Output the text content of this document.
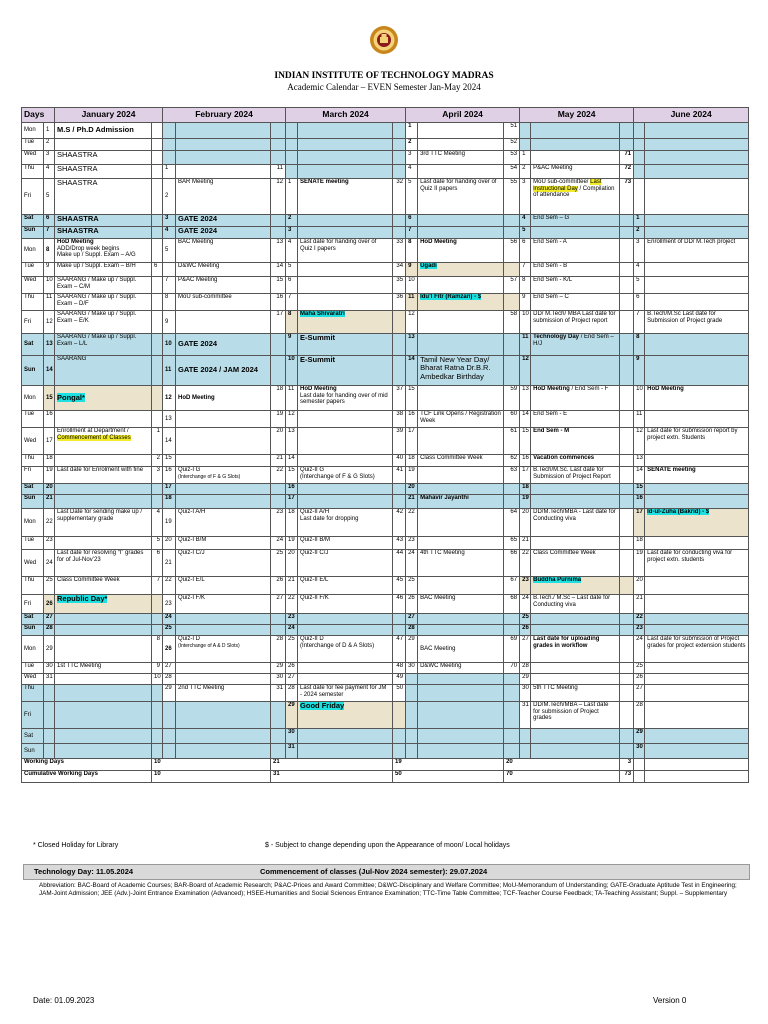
INDIAN INSTITUTE OF TECHNOLOGY MADRAS
Academic Calendar – EVEN Semester Jan-May 2024
Days		January 2024		February 2024			March 2024			April 2024			May 2024			June 2024	
Mon	1	M.S / Ph.D Admission								1		51					
Tue	2									2		52					
Wed	3	SHAASTRA								3	3rd TTC Meeting	53	1		71		
Thu	4	SHAASTRA		1		11				4		54	2	P&AC Meeting	72		
Fri	5	SHAASTRA		2	BAR Meeting	12	1	SENATE meeting	32	5	Last date for handing over of Quiz II papers	55	3	MoU sub-committee/ Last Instructional Day / Compilation of attendance	73		
Sat	6	SHAASTRA		3	GATE 2024		2			6			4	End Sem – G		1	
Sun	7	SHAASTRA		4	GATE 2024		3			7			5			2	
Mon	8	HoD Meeting
ADD/Drop week begins
Make up / Suppl. Exam – A/G		5	BAC Meeting	13	4	Last date for handing over of Quiz I papers	33	8	HoD Meeting	56	6	End Sem - A		3	Enrollment of DD/ M.Tech project
Tue	9	Make up / Suppl. Exam – B/H	6		D&WC Meeting	14	5		34	9	Ugadi		7	End Sem - B		4	
Wed	10	SAARANG / Make up / Suppl. Exam – C/M		7	P&AC Meeting	15	6		35	10		57	8	End Sem - K/L		5	
Thu	11	SAARANG / Make up / Suppl. Exam – D/F		8	MoU sub-committee	16	7		36	11	Idu’l Fitr (Ramzan) - $		9	End Sem – C		6	
Fri	12	SAARANG / Make up / Suppl. Exam – E/K		9		17	8	Maha Shivaratri		12		58	10	DD/ M.Tech/ MBA Last date for submission of Project report		7	B.Tech/M.Sc Last date for Submission of Project grade
Sat	13	SAARANG / Make up / Suppl. Exam – L/L		10	GATE 2024		9	E-Summit		13			11	Technology Day / End Sem – H/J		8	
Sun	14	SAARANG		11	GATE 2024 / JAM 2024		10	E-Summit		14	Tamil New Year Day/ Bharat Ratna Dr.B.R. Ambedkar Birthday		12			9	
Mon	15	Pongal*		12	HoD Meeting	18	11	HoD Meeting
Last date for handing over of mid semester papers	37	15		59	13	HoD Meeting / End Sem - F		10	HoD Meeting
Tue	16			13		19	12		38	16	TCF Link Opens / Registration Week	60	14	End Sem - E		11	
Wed	17	Enrollment at Department /
Commencement of Classes	1	14		20	13		39	17		61	15	End Sem - M		12	Last date for submission report by project extn. Students
Thu	18		2	15		21	14		40	18	Class Committee Week	62	16	Vacation commences		13	
Fri	19	Last date for Enrolment with fine	3	16	Quiz-I G
(Interchange of F & G Slots)	22	15	Quiz-II G
(Interchange of F & G Slots)	41	19		63	17	B.Tech/M.Sc. Last date for Submission of Project Report		14	SENATE meeting
Sat	20			17			16			20			18			15	
Sun	21			18			17			21	Mahavir Jayanthi		19			16	
Mon	22	Last Date for sending make up / supplementary grade	4	19	Quiz-I A/H	23	18	Quiz-II A/H
Last date for dropping	42	22		64	20	DD/M.Tech/MBA - Last date for Conducting viva		17	Id-ul-Zuha (Bakrid) - $
Tue	23		5	20	Quiz-I B/M	24	19	Quiz-II B/M	43	23		65	21			18	
Wed	24	Last date for resolving “I” grades for of Jul-Nov’23	6	21	Quiz-I C/J	25	20	Quiz-II C/J	44	24	4th TTC Meeting	66	22	Class Committee Week		19	Last date for conducting viva for project extn. students
Thu	25	Class Committee Week	7	22	Quiz-I E/L	26	21	Quiz-II E/L	45	25		67	23	Buddha Purnima		20	
Fri	26	Republic Day*		23	Quiz-I F/K	27	22	Quiz-II F/K	46	26	BAC Meeting	68	24	B.Tech./ M.Sc – Last date for Conducting viva		21	
Sat	27			24			23			27			25			22	
Sun	28			25			24			28			26			23	
Mon	29		8	26	Quiz-I D
(Interchange of A & D Slots)	28	25	Quiz-II D
(Interchange of D & A Slots)	47	29	BAC Meeting	69	27	Last date for uploading grades in workflow		24	Last date for submission of Project grades for project extension students
Tue	30	1st TTC Meeting	9	27		29	26		48	30	D&WC Meeting	70	28			25	
Wed	31		10	28		30	27		49				29			26	
Thu				29	2nd TTC Meeting	31	28	Last date for fee payment for JM - 2024 semester	50				30	5th TTC Meeting		27	
Fri							29	Good Friday					31	DD/M.Tech/MBA – Last date for submission of Project grades		28	
Sat							30									29	
Sun							31									30	
Working Days			10			21			19			20			3		
Cumulative Working Days			10			31			50			70			73		
* Closed Holiday for Library	$ - Subject to change depending upon the Appearance of moon/ Local holidays
Technology Day: 11.05.2024	Commencement of classes (Jul-Nov 2024 semester): 29.07.2024
Abbreviation: BAC-Board of Academic Courses; BAR-Board of Academic Research; P&AC-Prices and Award Committee; D&WC-Disciplinary and Welfare Committee; MoU-Memorandum of Understanding; GATE-Graduate Aptitude Test in Engineering; JAM-Joint Admission; JEE (Adv.)-Joint Entrance Examination (Advanced); HSEE-Humanities and Social Sciences Entrance Examination; TTC-Time Table Committee; TCF-Teacher Course Feedback; TA-Teaching Assistant; Suppl. – Supplementary
Date: 01.09.2023	Version 0
